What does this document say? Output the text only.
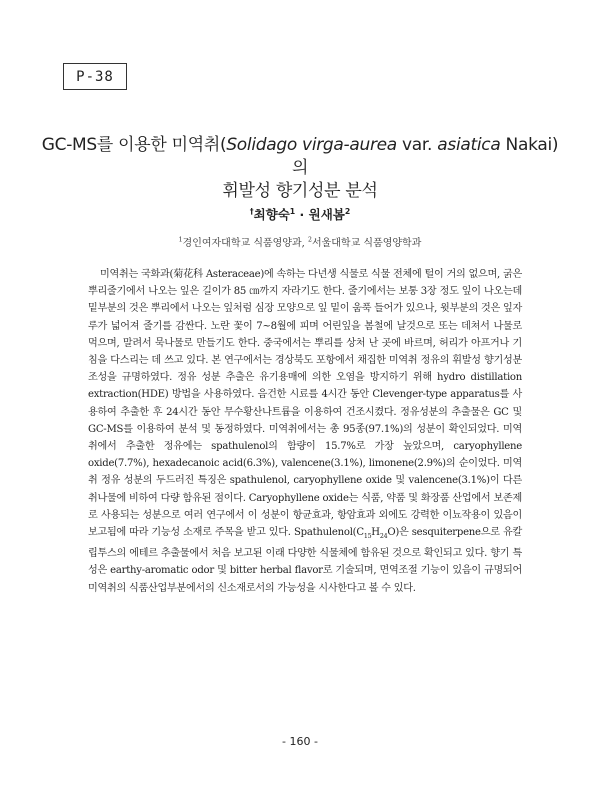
P-38
GC-MS를 이용한 미역취(Solidago virga-aurea var. asiatica Nakai)의
휘발성 향기성분 분석
†최향숙$^1$ · 원새봄$^2$
$^1$경인여자대학교 식품영양과, $^2$서울대학교 식품영양학과

미역취는 국화과(菊花科 Asteraceae)에 속하는 다년생 식물로 식물 전체에 털이 거의 없으며, 굵은 뿌리줄기에서 나오는 잎은 길이가 85 ㎝까지 자라기도 한다. 줄기에서는 보통 3장 정도 잎이 나오는데 밑부분의 것은 뿌리에서 나오는 잎처럼 심장 모양으로 잎 밑이 움푹 들어가 있으나, 윗부분의 것은 잎자루가 넓어져 줄기를 감싼다. 노란 꽃이 7~8월에 피며 어린잎을 봄철에 날것으로 또는 데쳐서 나물로 먹으며, 말려서 묵나물로 만들기도 한다. 중국에서는 뿌리를 상처 난 곳에 바르며, 허리가 아프거나 기침을 다스리는 데 쓰고 있다. 본 연구에서는 경상북도 포항에서 채집한 미역취 정유의 휘발성 향기성분 조성을 규명하였다. 정유 성분 추출은 유기용매에 의한 오염을 방지하기 위해 hydro distillation extraction(HDE) 방법을 사용하였다. 음건한 시료를 4시간 동안 Clevenger-type apparatus를 사용하여 추출한 후 24시간 동안 무수황산나트륨을 이용하여 건조시켰다. 정유성분의 추출물은 GC 및 GC-MS를 이용하여 분석 및 동정하였다. 미역취에서는 총 95종(97.1%)의 성분이 확인되었다. 미역취에서 추출한 정유에는 spathulenol의 함량이 15.7%로 가장 높았으며, caryophyllene oxide(7.7%), hexadecanoic acid(6.3%), valencene(3.1%), limonene(2.9%)의 순이었다. 미역취 정유 성분의 두드러진 특징은 spathulenol, caryophyllene oxide 및 valencene(3.1%)이 다른 취나물에 비하여 다량 함유된 점이다. Caryophyllene oxide는 식품, 약품 및 화장품 산업에서 보존제로 사용되는 성분으로 여러 연구에서 이 성분이 항균효과, 항암효과 외에도 강력한 이뇨작용이 있음이 보고됨에 따라 기능성 소재로 주목을 받고 있다. $Spathulenol(C_{15}H_{24}O)$은 sesquiterpene으로 유칼립투스의 에테르 추출물에서 처음 보고된 이래 다양한 식물체에 함유된 것으로 확인되고 있다. 향기 특성은 earthy-aromatic odor 및 bitter herbal flavor로 기술되며, 면역조절 기능이 있음이 규명되어 미역취의 식품산업부분에서의 신소재로서의 가능성을 시사한다고 볼 수 있다.

- 160 -
